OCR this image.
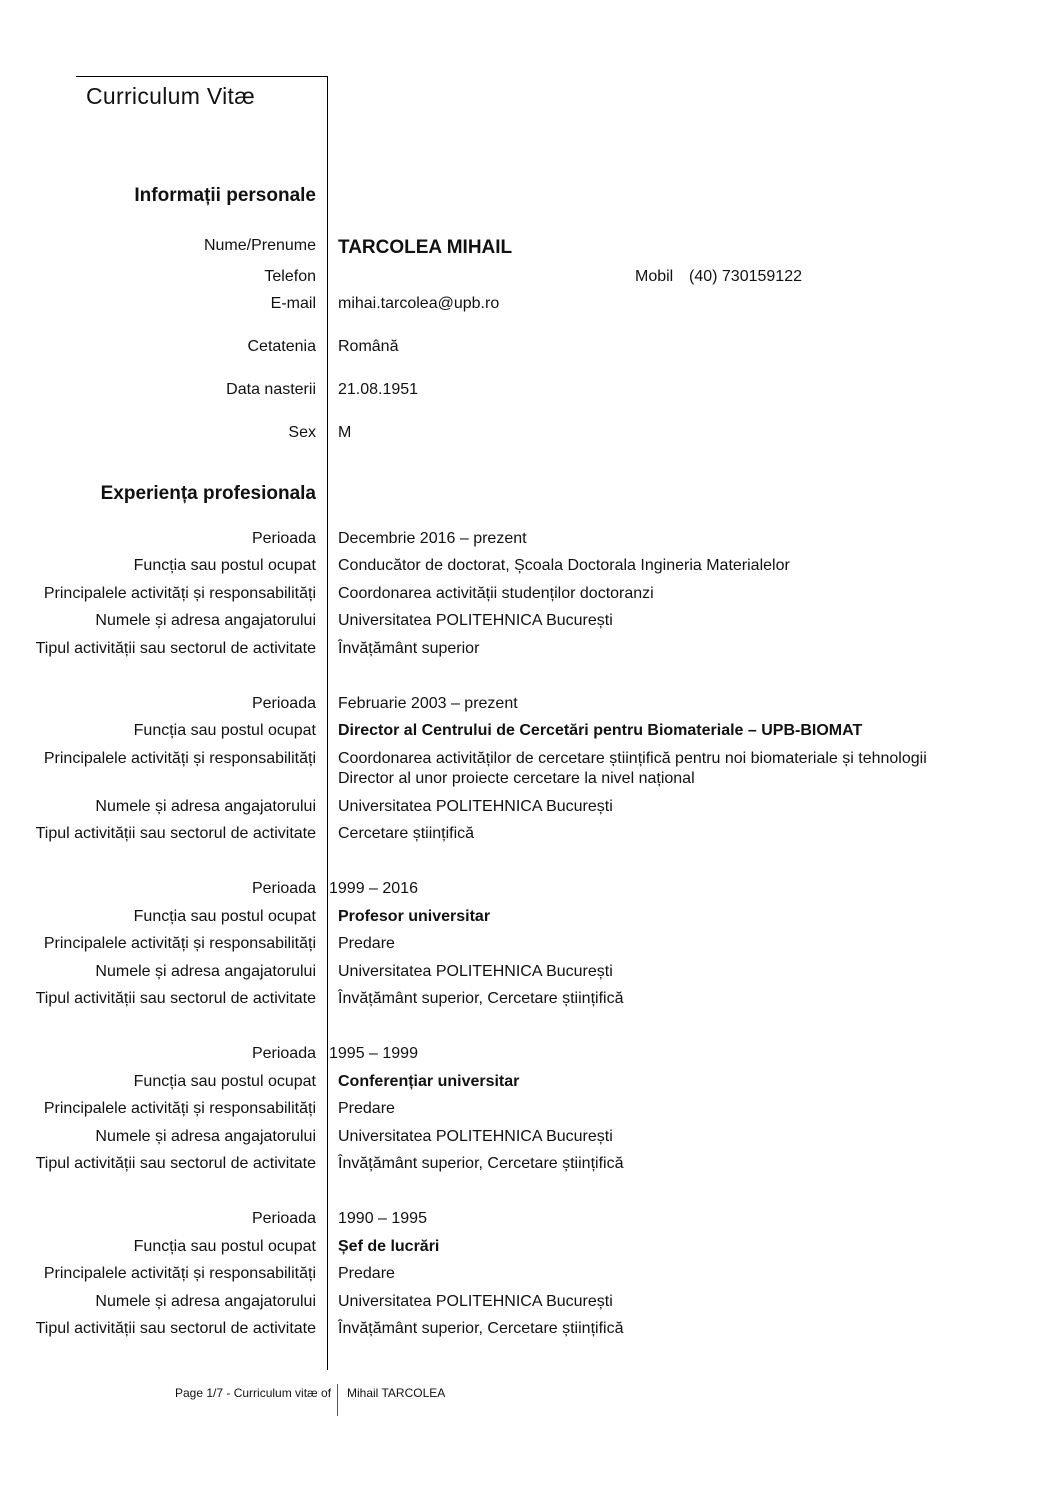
Curriculum Vitæ
Informații personale
Nume/Prenume TARCOLEA MIHAIL
Telefon	Mobil (40) 730159122
E-mail mihai.tarcolea@upb.ro
Cetatenia Română
Data nasterii 21.08.1951
Sex M
Experiența profesionala
Perioada Decembrie 2016 – prezent
Funcția sau postul ocupat Conducător de doctorat, Școala Doctorala Ingineria Materialelor
Principalele activități și responsabilități Coordonarea activității studenților doctoranzi
Numele și adresa angajatorului Universitatea POLITEHNICA București
Tipul activității sau sectorul de activitate Învățământ superior
Perioada Februarie 2003 – prezent
Funcția sau postul ocupat Director al Centrului de Cercetări pentru Biomateriale – UPB-BIOMAT
Principalele activități și responsabilități Coordonarea activităților de cercetare științifică pentru noi biomateriale și tehnologii
Director al unor proiecte cercetare la nivel național
Numele și adresa angajatorului Universitatea POLITEHNICA București
Tipul activității sau sectorul de activitate Cercetare științifică
Perioada 1999 – 2016
Funcția sau postul ocupat Profesor universitar
Principalele activități și responsabilități Predare
Numele și adresa angajatorului Universitatea POLITEHNICA București
Tipul activității sau sectorul de activitate Învățământ superior, Cercetare științifică
Perioada 1995 – 1999
Funcția sau postul ocupat Conferențiar universitar
Principalele activități și responsabilități Predare
Numele și adresa angajatorului Universitatea POLITEHNICA București
Tipul activității sau sectorul de activitate Învățământ superior, Cercetare științifică
Perioada 1990 – 1995
Funcția sau postul ocupat Șef de lucrări
Principalele activități și responsabilități Predare
Numele și adresa angajatorului Universitatea POLITEHNICA București
Tipul activității sau sectorul de activitate Învățământ superior, Cercetare științifică
Page 1/7 - Curriculum vitæ of Mihail TARCOLEA
